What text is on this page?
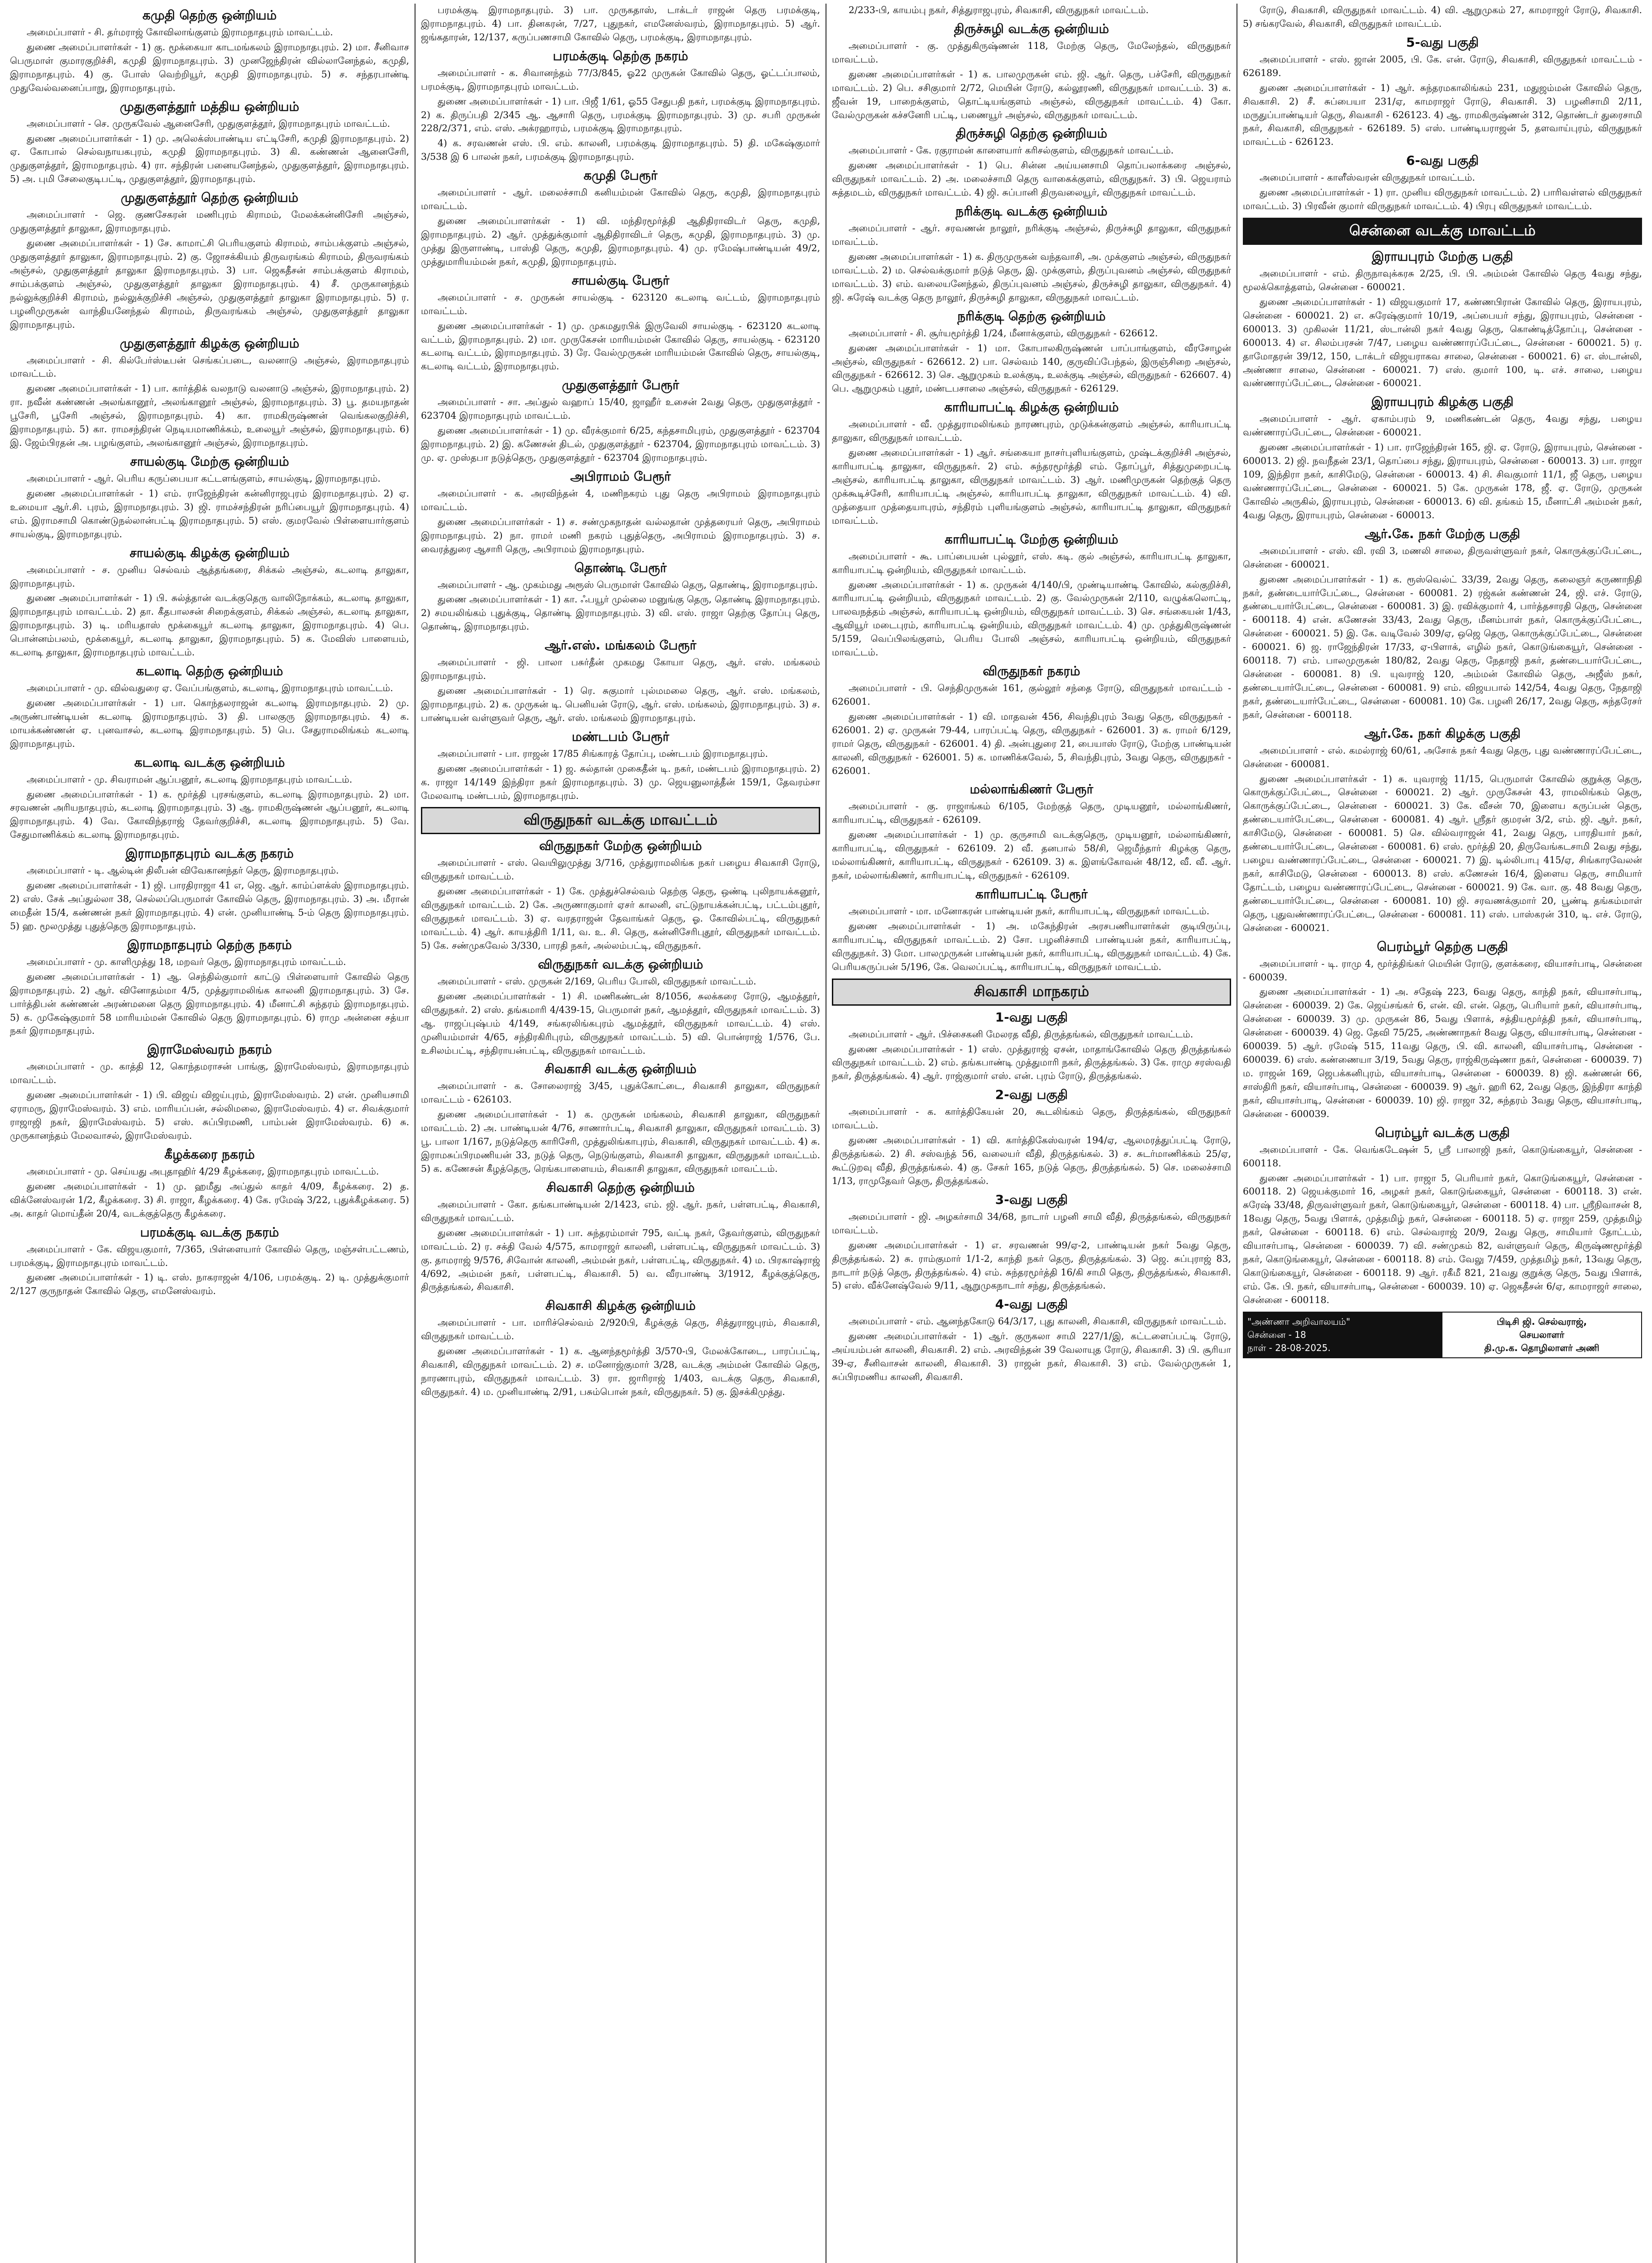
கமுதி தெற்கு ஒன்றியம்

அமைப்பாளர் - சி. தர்மராஜ் கோவிலாங்குளம் இராமநாதபுரம் மாவட்டம்.

துணை அமைப்பாளர்கள் - 1) கு. மூக்கையா காடமங்கலம் இராமநாதபுரம். 2) மா. சீனிவாச பெருமாள் குமாரகுறிச்சி, கமுதி இராமநாதபுரம். 3) முனஜேந்திரன் வில்லானேந்தல், கமுதி, இராமநாதபுரம். 4) கு. போஸ் வெற்றியூர், கமுதி இராமநாதபுரம். 5) ச. சந்தரபாண்டி முதுவேல்வனைப்பாறு, இராமநாதபுரம்.

முதுகுளத்தூர் மத்திய ஒன்றியம்

அமைப்பாளர் - செ. முருகவேல் ஆனைசேரி, முதுகுளத்தூர், இராமநாதபுரம் மாவட்டம்.

துணை அமைப்பாளர்கள் - 1) மு. அலெக்ஸ்பாண்டிய எட்டிசேரி, கமுதி இராமநாதபுரம். 2) ஏ. கோபால் செல்வநாயகபுரம், கமுதி இராமநாதபுரம். 3) கி. கண்ணன் ஆனைசேரி, முதுகுளத்தூர், இராமநாதபுரம். 4) ரா. சந்திரன் பனையனேந்தல், முதுகுளத்தூர், இராமநாதபுரம். 5) அ. புமி சேலைகுடிபட்டி, முதுகுளத்தூர், இராமநாதபுரம்.

முதுகுளத்தூர் தெற்கு ஒன்றியம்

அமைப்பாளர் - ஜெ. குணசேகரன் மணிபுரம் கிராமம், மேலக்கன்னிசேரி அஞ்சல், முதுகுளத்தூர் தாலுகா, இராமநாதபுரம்.

துணை அமைப்பாளர்கள் - 1) சே. காமாட்சி பெரியகுளம் கிராமம், சாம்பக்குளம் அஞ்சல், முதுகுளத்தூர் தாலுகா, இராமநாதபுரம். 2) கு. ஜோசக்கியம் திருவரங்கம் கிராமம், திருவரங்கம் அஞ்சல், முதுகுளத்தூர் தாலுகா இராமநாதபுரம். 3) பா. ஜெகதீசன் சாம்பக்குளம் கிராமம், சாம்பக்குளம் அஞ்சல், முதுகுளத்தூர் தாலுகா இராமநாதபுரம். 4) சீ. முருகானந்தம் நல்லுக்குறிச்சி கிராமம், நல்லுக்குறிச்சி அஞ்சல், முதுகுளத்தூர் தாலுகா இராமநாதபுரம். 5) ர. பழனிமுருகன் வாந்தியனேந்தல் கிராமம், திருவரங்கம் அஞ்சல், முதுகுளத்தூர் தாலுகா இராமநாதபுரம்.

முதுகுளத்தூர் கிழக்கு ஒன்றியம்

அமைப்பாளர் - சி. கில்பேர்ஸ்டீபன் செங்கப்படை, வலனாடு அஞ்சல், இராமநாதபுரம் மாவட்டம்.

துணை அமைப்பாளர்கள் - 1) பா. கார்த்திக் வலநாடு வலனாடு அஞ்சல், இராமநாதபுரம். 2) ரா. நவீன் கண்ணன் அலங்கானூர், அலங்கானூர் அஞ்சல், இராமநாதபுரம். 3) பூ. தமயநாதன் பூசேரி, பூசேரி அஞ்சல், இராமநாதபுரம். 4) கா. ராமகிருஷ்ணன் வெங்கலகுறிச்சி, இராமநாதபுரம். 5) கா. ராமசந்திரன் நெடியமாணிக்கம், உலையூர் அஞ்சல், இராமநாதபுரம். 6) இ. ஜேம்பிரதன் அ. பழங்குளம், அலங்கானூர் அஞ்சல், இராமநாதபுரம்.

சாயல்குடி மேற்கு ஒன்றியம்

அமைப்பாளர் - ஆர். பெரிய கருப்பையா கட்டளங்குளம், சாயல்குடி, இராமநாதபுரம்.

துணை அமைப்பாளர்கள் - 1) எம். ராஜேந்திரன் கன்னிராஜபுரம் இராமநாதபுரம். 2) ஏ. உமையா ஆர்.சி. புரம், இராமநாதபுரம். 3) ஜி. ராமச்சந்திரன் நரிப்பையூர் இராமநாதபுரம். 4) எம். இராமசாமி கொண்டுநல்லான்பட்டி இராமநாதபுரம். 5) எஸ். குமரவேல் பிள்ளையார்குளம் சாயல்குடி, இராமநாதபுரம்.

சாயல்குடி கிழக்கு ஒன்றியம்

அமைப்பாளர் - ச. முனிய செல்வம் ஆத்தங்கரை, சிக்கல் அஞ்சல், கடலாடி தாலுகா, இராமநாதபுரம்.

துணை அமைப்பாளர்கள் - 1) பி. சுல்த்தான் வடக்குதெரு வாலிநோக்கம், கடலாடி தாலுகா, இராமநாதபுரம் மாவட்டம். 2) தா. கீதபாலசன் சிறைக்குளம், சிக்கல் அஞ்சல், கடலாடி தாலுகா, இராமநாதபுரம். 3) டி. மரியதாஸ் மூக்கையூர் கடலாடி தாலுகா, இராமநாதபுரம். 4) பெ. பொன்னம்பலம், மூக்கையூர், கடலாடி தாலுகா, இராமநாதபுரம். 5) க. மேவிஸ் பாளையம், கடலாடி தாலுகா, இராமநாதபுரம் மாவட்டம்.

கடலாடி தெற்கு ஒன்றியம்

அமைப்பாளர் - மு. வில்வதுரை ஏ. வேப்பங்குளம், கடலாடி, இராமநாதபுரம் மாவட்டம்.

துணை அமைப்பாளர்கள் - 1) பா. கொந்தலராஜன் கடலாடி இராமநாதபுரம். 2) மு. அருண்பாண்டியன் கடலாடி இராமநாதபுரம். 3) தி. பாலகுரு இராமநாதபுரம். 4) க. மாயக்கண்ணன் ஏ. புனவாசல், கடலாடி இராமநாதபுரம். 5) பெ. சேதுராமலிங்கம் கடலாடி இராமநாதபுரம்.

கடலாடி வடக்கு ஒன்றியம்

அமைப்பாளர் - மு. சிவராமன் ஆப்பனூர், கடலாடி இராமநாதபுரம் மாவட்டம்.

துணை அமைப்பாளர்கள் - 1) க. மூர்த்தி புரசங்குளம், கடலாடி இராமநாதபுரம். 2) மா. சரவணன் அரியநாதபுரம், கடலாடி இராமநாதபுரம். 3) ஆ. ராமகிருஷ்ணன் ஆப்பனூர், கடலாடி இராமநாதபுரம். 4) வே. கோவிந்தராஜ் தேவர்குறிச்சி, கடலாடி இராமநாதபுரம். 5) வே. சேதுமாணிக்கம் கடலாடி இராமநாதபுரம்.

இராமநாதபுரம் வடக்கு நகரம்

அமைப்பாளர் - டி. ஆல்டின் திலீபன் விவேகானந்தர் தெரு, இராமநாதபுரம்.

துணை அமைப்பாளர்கள் - 1) ஜி. பாரதிராஜா 41 எ, ஜெ. ஆர். காம்ப்ளக்ஸ் இராமநாதபுரம். 2) எஸ். சேக் அப்துல்லா 38, செல்லப்பெருமாள் கோவில் தெரு, இராமநாதபுரம். 3) அ. மீரான் மைதீன் 15/4, கண்ணன் நகர் இராமநாதபுரம். 4) என். முனியாண்டி 5-ம் தெரு இராமநாதபுரம். 5) ஹ. மூலமுத்து புதுத்தெரு இராமநாதபுரம்.

இராமநாதபுரம் தெற்கு நகரம்

அமைப்பாளர் - மு. காளிமுத்து 18, மறவர் தெரு, இராமநாதபுரம் மாவட்டம்.

துணை அமைப்பாளர்கள் - 1) ஆ. செந்தில்குமார் காட்டு பிள்ளையார் கோவில் தெரு இராமநாதபுரம். 2) ஆர். வினோதம்மா 4/5, முத்துராமலிங்க காலனி இராமநாதபுரம். 3) சே. பார்த்திபன் கண்ணன் அரண்மனை தெரு இராமநாதபுரம். 4) மீனாட்சி சுந்தரம் இராமநாதபுரம். 5) க. முகேஷ்குமார் 58 மாரியம்மன் கோவில் தெரு இராமநாதபுரம். 6) ராமு அன்னை சத்யா நகர் இராமநாதபுரம்.

இராமேஸ்வரம் நகரம்

அமைப்பாளர் - மு. காத்தி 12, கொந்தமராசன் பாங்கு, இராமேஸ்வரம், இராமநாதபுரம் மாவட்டம்.

துணை அமைப்பாளர்கள் - 1) பி. விஜய் விஜய்புரம், இராமேஸ்வரம். 2) என். முனியசாமி ஏராமரு, இராமேஸ்வரம். 3) எம். மாரியப்பன், சல்லிமலை, இராமேஸ்வரம். 4) எ. சிவக்குமார் ராஜாஜி நகர், இராமேஸ்வரம். 5) எஸ். சுப்பிரமணி, பாம்பன் இராமேஸ்வரம். 6) சு. முருகானந்தம் மேலவாசல், இராமேஸ்வரம்.

கீழக்கரை நகரம்

அமைப்பாளர் - மு. செய்யது அபுதாஹிர் 4/29 கீழக்கரை, இராமநாதபுரம் மாவட்டம்.

துணை அமைப்பாளர்கள் - 1) மு. ஹமீது அப்துல் காதர் 4/09, கீழக்கரை. 2) த. விக்னேஸ்வரன் 1/2, கீழக்கரை. 3) சி. ராஜா, கீழக்கரை. 4) கே. ரமேஷ் 3/22, புதுக்கீழக்கரை. 5) அ. காதர் மொய்தீன் 20/4, வடக்குத்தெரு கீழக்கரை.

பரமக்குடி வடக்கு நகரம்

அமைப்பாளர் - கே. விஜயகுமார், 7/365, பிள்ளையார் கோவில் தெரு, மஞ்சள்பட்டணம், பரமக்குடி, இராமநாதபுரம் மாவட்டம்.

துணை அமைப்பாளர்கள் - 1) டி. எஸ். நாகராஜன் 4/106, பரமக்குடி. 2) டி. முத்துக்குமார் 2/127 குருநாதன் கோவில் தெரு, எமனேஸ்வரம்.

பரமக்குடி இராமநாதபுரம். 3) பா. முருகதாஸ், டாக்டர் ராஜன் தெரு பரமக்குடி, இராமநாதபுரம். 4) பா. தினகரன், 7/27, புதுநகர், எமனேஸ்வரம், இராமநாதபுரம். 5) ஆர். ஜங்கதாரன், 12/137, கருப்பணசாமி கோவில் தெரு, பரமக்குடி, இராமநாதபுரம்.

பரமக்குடி தெற்கு நகரம்

அமைப்பாளர் - க. சிவானந்தம் 77/3/845, ஓ22 முருகன் கோவில் தெரு, ஓட்டப்பாலம், பரமக்குடி, இராமநாதபுரம் மாவட்டம்.

துணை அமைப்பாளர்கள் - 1) பா. பிஜீ 1/61, ஓ55 சேதுபதி நகர், பரமக்குடி இராமநாதபுரம். 2) க. திருப்பதி 2/345 ஆ. ஆசாரி தெரு, பரமக்குடி இராமநாதபுரம். 3) மு. சபரி முருகன் 228/2/371, எம். எஸ். அக்ரஹாரம், பரமக்குடி இராமநாதபுரம்.

4) க. சரவணன் எஸ். பி. எம். காலனி, பரமக்குடி இராமநாதபுரம். 5) தி. மகேஷ்குமார் 3/538 இ 6 பாலன் நகர், பரமக்குடி இராமநாதபுரம்.

கமுதி பேரூர்

அமைப்பாளர் - ஆர். மலைச்சாமி கனியம்மன் கோவில் தெரு, கமுதி, இராமநாதபுரம் மாவட்டம்.

துணை அமைப்பாளர்கள் - 1) வி. மந்திரமூர்த்தி ஆதிதிராவிடர் தெரு, கமுதி, இராமநாதபுரம். 2) ஆர். முத்துக்குமார் ஆதிதிராவிடர் தெரு, கமுதி, இராமநாதபுரம். 3) மு. முத்து இருளாண்டி, பாஸ்தி தெரு, கமுதி, இராமநாதபுரம். 4) மு. ரமேஷ்பாண்டியன் 49/2, முத்துமாரியம்மன் நகர், கமுதி, இராமநாதபுரம்.

சாயல்குடி பேரூர்

அமைப்பாளர் - ச. முருகன் சாயல்குடி - 623120 கடலாடி வட்டம், இராமநாதபுரம் மாவட்டம்.

துணை அமைப்பாளர்கள் - 1) மு. முகமதுரபிக் இருவேலி சாயல்குடி - 623120 கடலாடி வட்டம், இராமநாதபுரம். 2) மா. முருகேசன் மாரியம்மன் கோவில் தெரு, சாயல்குடி - 623120 கடலாடி வட்டம், இராமநாதபுரம். 3) ரே. வேல்முருகன் மாரியம்மன் கோவில் தெரு, சாயல்குடி, கடலாடி வட்டம், இராமநாதபுரம்.

முதுகுளத்தூர் பேரூர்

அமைப்பாளர் - சா. அப்துல் வஹாப் 15/40, ஜாஹீர் உசைன் 2வது தெரு, முதுகுளத்தூர் - 623704 இராமநாதபுரம் மாவட்டம்.

துணை அமைப்பாளர்கள் - 1) மு. வீரக்குமார் 6/25, கந்தசாமிபுரம், முதுகுளத்தூர் - 623704 இராமநாதபுரம். 2) இ. கணேசன் திடல், முதுகுளத்தூர் - 623704, இராமநாதபுரம் மாவட்டம். 3) மு. ஏ. முஸ்தபா நடுத்தெரு, முதுகுளத்தூர் - 623704 இராமநாதபுரம்.

அபிராமம் பேரூர்

அமைப்பாளர் - க. அரவிந்தன் 4, மணிநகரம் புது தெரு அபிராமம் இராமநாதபுரம் மாவட்டம்.

துணை அமைப்பாளர்கள் - 1) ச. சண்முகநாதன் வல்லதான் முத்தரையர் தெரு, அபிராமம் இராமநாதபுரம். 2) நா. ராமர் மணி நகரம் புதுத்தெரு, அபிராமம் இராமநாதபுரம். 3) ச. வைரத்துரை ஆசாரி தெரு, அபிராமம் இராமநாதபுரம்.

தொண்டி பேரூர்

அமைப்பாளர் - ஆ. முகம்மது அரூஸ் பெருமாள் கோவில் தெரு, தொண்டி, இராமநாதபுரம்.

துணை அமைப்பாளர்கள் - 1) கா. ஃபயூர் முல்லை மனுங்கு தெரு, தொண்டி இராமநாதபுரம். 2) சமயலிங்கம் புதுக்குடி, தொண்டி இராமநாதபுரம். 3) வி. எஸ். ராஜா தெற்கு தோப்பு தெரு, தொண்டி, இராமநாதபுரம்.

ஆர்.எஸ். மங்கலம் பேரூர்

அமைப்பாளர் - ஜி. பாலா பசுர்தீன் முகமது கோயா தெரு, ஆர். எஸ். மங்கலம் இராமநாதபுரம்.

துணை அமைப்பாளர்கள் - 1) ரெ. சுகுமார் புல்மமலை தெரு, ஆர். எஸ். மங்கலம், இராமநாதபுரம். 2) க. முருகன் டி. பெனியன் ரோடு, ஆர். எஸ். மங்கலம், இராமநாதபுரம். 3) ச. பாண்டியன் வள்ளுவர் தெரு, ஆர். எஸ். மங்கலம் இராமநாதபுரம்.

மண்டபம் பேரூர்

அமைப்பாளர் - பா. ராஜன் 17/85 சிங்காரத் தோப்பு, மண்டபம் இராமநாதபுரம்.

துணை அமைப்பாளர்கள் - 1) ஜ. சுல்தான் முகைதீன் டி. நகர், மண்டபம் இராமநாதபுரம். 2) க. ராஜா 14/149 இந்திரா நகர் இராமநாதபுரம். 3) மு. ஜெயனுலாத்தீன் 159/1, தேவரம்சா மேலவாடி மண்டபம், இராமநாதபுரம்.

விருதுநகர் வடக்கு மாவட்டம்
விருதுநகர் மேற்கு ஒன்றியம்

அமைப்பாளர் - எஸ். வெயிலுமுத்து 3/716, முத்துராமலிங்க நகர் பழைய சிவகாசி ரோடு, விருதுநகர் மாவட்டம்.

துணை அமைப்பாளர்கள் - 1) கே. முத்துச்செல்வம் தெற்கு தெரு, ஒண்டி புலிநாயக்கனூர், விருதுநகர் மாவட்டம். 2) கே. அருணாகுமார் ஏசர் காலனி, எட்டுநாயக்கன்பட்டி, பட்டம்புதூர், விருதுநகர் மாவட்டம். 3) ஏ. வரதராஜன் தேவாங்கர் தெரு, ஓ. கோவில்பட்டி, விருதுநகர் மாவட்டம். 4) ஆர். காயத்திரி 1/11, வ. உ. சி. தெரு, கன்னிசேரிபுதூர், விருதுநகர் மாவட்டம். 5) கே. சண்முகவேல் 3/330, பாரதி நகர், அல்லம்பட்டி, விருதுநகர்.

விருதுநகர் வடக்கு ஒன்றியம்

அமைப்பாளர் - எஸ். முருகன் 2/169, பெரிய போலி, விருதுநகர் மாவட்டம்.

துணை அமைப்பாளர்கள் - 1) சி. மணிகண்டன் 8/1056, சுலக்கரை ரோடு, ஆமத்தூர், விருதுநகர். 2) எஸ். தங்கமாரி 4/439-15, பெருமாள் நகர், ஆமத்தூர், விருதுநகர் மாவட்டம். 3) ஆ. ராஜப்புஷ்பம் 4/149, சங்கரலிங்கபுரம் ஆமத்தூர், விருதுநகர் மாவட்டம். 4) எஸ். முனியம்மாள் 4/65, சந்திரகிரிபுரம், விருதுநகர் மாவட்டம். 5) வி. பொன்ராஜ் 1/576, பே. உசிலம்பட்டி, சந்திராயன்பட்டி, விருதுநகர் மாவட்டம்.

சிவகாசி வடக்கு ஒன்றியம்

அமைப்பாளர் - க. சோலைராஜ் 3/45, புதுக்கோட்டை, சிவகாசி தாலுகா, விருதுநகர் மாவட்டம் - 626103.

துணை அமைப்பாளர்கள் - 1) க. முருகன் மங்கலம், சிவகாசி தாலுகா, விருதுநகர் மாவட்டம். 2) அ. பாண்டியன் 4/76, சாணார்பட்டி, சிவகாசி தாலுகா, விருதுநகர் மாவட்டம். 3) பூ. பாலா 1/167, நடுத்தெரு காரிசேரி, முத்துலிங்காபுரம், சிவகாசி, விருதுநகர் மாவட்டம். 4) சு. இராமசுப்பிரமணியன் 33, நடுத் தெரு, நெடுங்குளம், சிவகாசி தாலுகா, விருதுநகர் மாவட்டம். 5) க. கணேசன் கீழத்தெரு, ரெங்கபாளையம், சிவகாசி தாலுகா, விருதுநகர் மாவட்டம்.

சிவகாசி தெற்கு ஒன்றியம்

அமைப்பாளர் - கோ. தங்கபாண்டியன் 2/1423, எம். ஜி. ஆர். நகர், பள்ளபட்டி, சிவகாசி, விருதுநகர் மாவட்டம்.

துணை அமைப்பாளர்கள் - 1) பா. சுந்தரம்மாள் 795, வட்டி நகர், தேவர்குளம், விருதுநகர் மாவட்டம். 2) ர. சக்தி வேல் 4/575, காமராஜர் காலனி, பள்ளபட்டி, விருதுநகர் மாவட்டம். 3) கு. தாமராஜ் 9/576, சிவோன் காலனி, அம்மன் நகர், பள்ளபட்டி, விருதுநகர். 4) ம. பிரகாஷ்ராஜ் 4/692, அம்மன் நகர், பள்ளபட்டி, சிவகாசி. 5) வ. வீரபாண்டி 3/1912, கீழக்குத்தெரு, திருத்தங்கல், சிவகாசி.

சிவகாசி கிழக்கு ஒன்றியம்

அமைப்பாளர் - பா. மாரிச்செல்வம் 2/920பி, கீழக்குத் தெரு, சித்துராஜபுரம், சிவகாசி, விருதுநகர் மாவட்டம்.

துணை அமைப்பாளர்கள் - 1) க. ஆனந்தமூர்த்தி 3/570-பி, மேலக்கோடை, பாரப்பட்டி, சிவகாசி, விருதுநகர் மாவட்டம். 2) ச. மனோஜ்குமார் 3/28, வடக்கு அம்மன் கோவில் தெரு, நாரணாபுரம், விருதுநகர் மாவட்டம். 3) ரா. ஜாரிராஜ் 1/403, வடக்கு தெரு, சிவகாசி, விருதுநகர். 4) ம. முனியாண்டி 2/91, பசும்பொன் நகர், விருதுநகர். 5) கு. இசக்கிமுத்து.

2/233-பி, காயம்பு நகர், சித்துராஜபுரம், சிவகாசி, விருதுநகர் மாவட்டம்.

திருச்சுழி வடக்கு ஒன்றியம்

அமைப்பாளர் - கு. முத்துகிருஷ்ணன் 118, மேற்கு தெரு, மேலேந்தல், விருதுநகர் மாவட்டம்.

துணை அமைப்பாளர்கள் - 1) க. பாலமுருகன் எம். ஜி. ஆர். தெரு, பச்சேரி, விருதுநகர் மாவட்டம். 2) பெ. சசிகுமார் 2/72, மெயின் ரோடு, கல்லூரணி, விருதுநகர் மாவட்டம். 3) க. ஜீவன் 19, பாறைக்குளம், தொட்டியங்குளம் அஞ்சல், விருதுநகர் மாவட்டம். 4) கோ. வேல்முருகன் கச்சனேரி பட்டி, பணையூர் அஞ்சல், விருதுநகர் மாவட்டம்.

திருச்சுழி தெற்கு ஒன்றியம்

அமைப்பாளர் - கே. ரகுராமன் காளையார் கரிசல்குளம், விருதுநகர் மாவட்டம்.

துணை அமைப்பாளர்கள் - 1) பெ. சின்ன அய்யனசாமி தொப்பலாக்கரை அஞ்சல், விருதுநகர் மாவட்டம். 2) அ. மலைச்சாமி தெரு வாகைக்குளம், விருதுநகர். 3) பி. ஜெயராம் சுத்தமடம், விருதுநகர் மாவட்டம். 4) ஜி. சுப்பானி திருவலையூர், விருதுநகர் மாவட்டம்.

நரிக்குடி வடக்கு ஒன்றியம்

அமைப்பாளர் - ஆர். சரவணன் நாலூர், நரிக்குடி அஞ்சல், திருச்சுழி தாலுகா, விருதுநகர் மாவட்டம்.

துணை அமைப்பாளர்கள் - 1) க. திருமுருகன் வந்தவாசி, அ. முக்குளம் அஞ்சல், விருதுநகர் மாவட்டம். 2) ம. செல்வக்குமார் நடுத் தெரு, இ. முக்குளம், திருப்புவனம் அஞ்சல், விருதுநகர் மாவட்டம். 3) எம். வலையனேந்தல், திருப்புவனம் அஞ்சல், திருச்சுழி தாலுகா, விருதுநகர். 4) ஜி. சுரேஷ் வடக்கு தெரு நாலூர், திருச்சுழி தாலுகா, விருதுநகர் மாவட்டம்.

நரிக்குடி தெற்கு ஒன்றியம்

அமைப்பாளர் - சி. சூர்யமூர்த்தி 1/24, மீனாக்குளம், விருதுநகர் - 626612.

துணை அமைப்பாளர்கள் - 1) மா. கோபாலகிருஷ்ணன் பாப்பாங்குளம், வீரசோழன் அஞ்சல், விருதுநகர் - 626612. 2) பா. செல்வம் 140, குருவிப்பேந்தல், இருஞ்சிறை அஞ்சல், விருதுநகர் - 626612. 3) செ. ஆறுமுகம் உலக்குடி, உலக்குடி அஞ்சல், விருதுநகர் - 626607. 4) பெ. ஆறுமுகம் புதூர், மண்டபசாலை அஞ்சல், விருதுநகர் - 626129.

காரியாபட்டி கிழக்கு ஒன்றியம்

அமைப்பாளர் - வீ. முத்துராமலிங்கம் நாரணபுரம், முடுக்கன்குளம் அஞ்சல், காரியாபட்டி தாலுகா, விருதுநகர் மாவட்டம்.

துணை அமைப்பாளர்கள் - 1) ஆர். சங்கையா நாசர்புளியங்குளம், முஷ்டக்குறிச்சி அஞ்சல், காரியாபட்டி தாலுகா, விருதுநகர். 2) எம். சுந்தரமூர்த்தி எம். தோப்பூர், சித்துமுறைபட்டி அஞ்சல், காரியாபட்டி தாலுகா, விருதுநகர் மாவட்டம். 3) ஆர். மணிமுருகன் தெற்குத் தெரு முக்கூடிச்சேரி, காரியாபட்டி அஞ்சல், காரியாபட்டி தாலுகா, விருதுநகர் மாவட்டம். 4) வி. முத்தையா முத்தையாபுரம், சந்திரம் புளியங்குளம் அஞ்சல், காரியாபட்டி தாலுகா, விருதுநகர் மாவட்டம்.

காரியாபட்டி மேற்கு ஒன்றியம்

அமைப்பாளர் - கூ. பாப்பையன் புல்லூர், எஸ். கடி. குல் அஞ்சல், காரியாபட்டி தாலுகா, காரியாபட்டி ஒன்றியம், விருதுநகர் மாவட்டம்.

துணை அமைப்பாளர்கள் - 1) க. முருகன் 4/140/பி, முண்டியாண்டி கோவில், கல்குறிச்சி, காரியாபட்டி ஒன்றியம், விருதுநகர் மாவட்டம். 2) கு. வேல்முருகன் 2/110, வழுக்கலொட்டி, பாலவநத்தம் அஞ்சல், காரியாபட்டி ஒன்றியம், விருதுநகர் மாவட்டம். 3) செ. சங்கையன் 1/43, ஆவியூர் மடைபுரம், காரியாபட்டி ஒன்றியம், விருதுநகர் மாவட்டம். 4) மு. முத்துகிருஷ்ணன் 5/159, வெப்பிலங்குளம், பெரிய போலி அஞ்சல், காரியாபட்டி ஒன்றியம், விருதுநகர் மாவட்டம்.

விருதுநகர் நகரம்

அமைப்பாளர் - பி. செந்திமுருகன் 161, குல்லூர் சந்தை ரோடு, விருதுநகர் மாவட்டம் - 626001.

துணை அமைப்பாளர்கள் - 1) வி. மாதவன் 456, சிவந்திபுரம் 3வது தெரு, விருதுநகர் - 626001. 2) ஏ. முருகன் 79-44, பாரப்பட்டி தெரு, விருதுநகர் - 626001. 3) க. ராமர் 6/129, ராமர் தெரு, விருதுநகர் - 626001. 4) தி. அன்புதுரை 21, பையாஸ் ரோடு, மேற்கு பாண்டியன் காலனி, விருதுநகர் - 626001. 5) க. மாணிக்கவேல், 5, சிவந்திபுரம், 3வது தெரு, விருதுநகர் - 626001.

மல்லாங்கிணர் பேரூர்

அமைப்பாளர் - கு. ராஜாங்கம் 6/105, மேற்குத் தெரு, முடியனூர், மல்லாங்கிணர், காரியாபட்டி, விருதுநகர் - 626109.

துணை அமைப்பாளர்கள் - 1) மு. குருசாமி வடக்குதெரு, முடியனூர், மல்லாங்கிணர், காரியாபட்டி, விருதுநகர் - 626109. 2) வீ. தனபால் 58/சி, ஜெமீந்தார் கிழக்கு தெரு, மல்லாங்கிணர், காரியாபட்டி, விருதுநகர் - 626109. 3) க. இளங்கோவன் 48/12, வீ. வீ. ஆர். நகர், மல்லாங்கிணர், காரியாபட்டி, விருதுநகர் - 626109.

காரியாபட்டி பேரூர்

அமைப்பாளர் - மா. மனோகரன் பாண்டியன் நகர், காரியாபட்டி, விருதுநகர் மாவட்டம்.

துணை அமைப்பாளர்கள் - 1) அ. மகேந்திரன் அரசபணியாளர்கள் குடியிருப்பு, காரியாபட்டி, விருதுநகர் மாவட்டம். 2) சோ. பழனிச்சாமி பாண்டியன் நகர், காரியாபட்டி, விருதுநகர். 3) மோ. பாலமுருகன் பாண்டியன் நகர், காரியாபட்டி, விருதுநகர் மாவட்டம். 4) கே. பெரியகருப்பன் 5/196, கே. வெலப்பட்டி, காரியாபட்டி, விருதுநகர் மாவட்டம்.

சிவகாசி மாநகரம்
1-வது பகுதி

அமைப்பாளர் - ஆர். பிச்சைகனி மேலரத வீதி, திருத்தங்கல், விருதுநகர் மாவட்டம்.

துணை அமைப்பாளர்கள் - 1) எஸ். முத்துராஜ் ஏசன், மாதாங்கோவில் தெரு திருத்தங்கல் விருதுநகர் மாவட்டம். 2) எம். தங்கபாண்டி முத்துமாரி நகர், திருத்தங்கல். 3) கே. ராமு சரஸ்வதி நகர், திருத்தங்கல். 4) ஆர். ராஜ்குமார் எஸ். என். புரம் ரோடு, திருத்தங்கல்.

2-வது பகுதி

அமைப்பாளர் - க. கார்த்திகேயன் 20, கூடலிங்கம் தெரு, திருத்தங்கல், விருதுநகர் மாவட்டம்.

துணை அமைப்பாளர்கள் - 1) வி. கார்த்திகேஸ்வரன் 194/ஏ, ஆலமரத்துப்பட்டி ரோடு, திருத்தங்கல். 2) சி. சஸ்வந்த் 56, வலையர் வீதி, திருத்தங்கல். 3) ச. சுடர்மாணிக்கம் 25/ஏ, கூட்டுறவு வீதி, திருத்தங்கல். 4) கு. சேகர் 165, நடுத் தெரு, திருத்தங்கல். 5) செ. மலைச்சாமி 1/13, ராமுதேவர் தெரு, திருத்தங்கல்.

3-வது பகுதி

அமைப்பாளர் - ஜி. அழகர்சாமி 34/68, நாடார் பழனி சாமி வீதி, திருத்தங்கல், விருதுநகர் மாவட்டம்.

துணை அமைப்பாளர்கள் - 1) எ. சரவணன் 99/ஏ-2, பாண்டியன் நகர் 5வது தெரு, திருத்தங்கல். 2) சு. ராம்குமார் 1/1-2, காந்தி நகர் தெரு, திருத்தங்கல். 3) ஜெ. சுப்புராஜ் 83, நாடார் நடுத் தெரு, திருத்தங்கல். 4) எம். சுந்தரமூர்த்தி 16/கி சாமி தெரு, திருத்தங்கல், சிவகாசி. 5) எஸ். வீக்னேஷ்வேல் 9/11, ஆறுமுகநாடார் சந்து, திருத்தங்கல்.

4-வது பகுதி

அமைப்பாளர் - எம். ஆனந்தகோடு 64/3/17, புது காலனி, சிவகாசி, விருதுநகர் மாவட்டம்.

துணை அமைப்பாளர்கள் - 1) ஆர். குருகலா சாமி 227/1/இ, கட்டளைப்பட்டி ரோடு, அய்யம்பன் காலனி, சிவகாசி. 2) எம். அரவிந்தன் 39 வேலாயுத ரோடு, சிவகாசி. 3) பி. சூரியா 39-ஏ, சீனிவாசன் காலனி, சிவகாசி. 3) ராஜன் நகர், சிவகாசி. 3) எம். வேல்முருகன் 1, சுப்பிரமணிய காலனி, சிவகாசி.

ரோடு, சிவகாசி, விருதுநகர் மாவட்டம். 4) வி. ஆறுமுகம் 27, காமராஜர் ரோடு, சிவகாசி. 5) சங்கரவேல், சிவகாசி, விருதுநகர் மாவட்டம்.

5-வது பகுதி

அமைப்பாளர் - எஸ். ஜான் 2005, பி. கே. என். ரோடு, சிவகாசி, விருதுநகர் மாவட்டம் - 626189.

துணை அமைப்பாளர்கள் - 1) ஆர். சுந்தரமகாலிங்கம் 231, மதுஜம்மன் கோவில் தெரு, சிவகாசி. 2) சீ. சுப்பையா 231/ஏ, காமராஜர் ரோடு, சிவகாசி. 3) பழனிசாமி 2/11, மருதுப்பாண்டியர் தெரு, சிவகாசி - 626123. 4) ஆ. ராமகிருஷ்ணன் 312, தொண்டர் துரைசாமி நகர், சிவகாசி, விருதுநகர் - 626189. 5) எஸ். பாண்டியராஜன் 5, தளவாய்புரம், விருதுநகர் மாவட்டம் - 626123.

6-வது பகுதி

அமைப்பாளர் - காளீஸ்வரன் விருதுநகர் மாவட்டம்.

துணை அமைப்பாளர்கள் - 1) ரா. முனிய விருதுநகர் மாவட்டம். 2) பாரிவள்ளல் விருதுநகர் மாவட்டம். 3) பிரவீன் குமார் விருதுநகர் மாவட்டம். 4) பிரபு விருதுநகர் மாவட்டம்.

சென்னை வடக்கு மாவட்டம்
இராயபுரம் மேற்கு பகுதி

அமைப்பாளர் - எம். திருநாவுக்கரசு 2/25, பி. பி. அம்மன் கோவில் தெரு 4வது சந்து, மூலக்கொத்தளம், சென்னை - 600021.

துணை அமைப்பாளர்கள் - 1) விஜயகுமார் 17, கண்ணபிரான் கோவில் தெரு, இராயபுரம், சென்னை - 600021. 2) எ. சுரேஷ்குமார் 10/19, அப்பையர் சந்து, இராயபுரம், சென்னை - 600013. 3) முகிலன் 11/21, ஸ்டான்லி நகர் 4வது தெரு, கொண்டித்தோப்பு, சென்னை - 600013. 4) எ. சிலம்பரசன் 7/47, பழைய வண்ணாரப்பேட்டை, சென்னை - 600021. 5) ர. தாமோதரன் 39/12, 150, டாக்டர் விஜயராகவ சாலை, சென்னை - 600021. 6) எ. ஸ்டான்லி, அண்ணா சாலை, சென்னை - 600021. 7) எஸ். குமார் 100, டி. எச். சாலை, பழைய வண்ணாரப்பேட்டை, சென்னை - 600021.

இராயபுரம் கிழக்கு பகுதி

அமைப்பாளர் - ஆர். ஏகாம்பரம் 9, மணிகண்டன் தெரு, 4வது சந்து, பழைய வண்ணாரப்பேட்டை, சென்னை - 600021.

துணை அமைப்பாளர்கள் - 1) பா. ராஜேந்திரன் 165, ஜி. ஏ. ரோடு, இராயபுரம், சென்னை - 600013. 2) ஜி. நவநீதன் 23/1, தொப்பை சந்து, இராயபுரம், சென்னை - 600013. 3) பா. ராஜா 109, இந்திரா நகர், காசிமேடு, சென்னை - 600013. 4) சி. சிவகுமார் 11/1, ஜீ தெரு, பழைய வண்ணாரப்பேட்டை, சென்னை - 600021. 5) கே. முருகன் 178, ஜீ. ஏ. ரோடு, முருகன் கோவில் அருகில், இராயபுரம், சென்னை - 600013. 6) வி. தங்கம் 15, மீனாட்சி அம்மன் நகர், 4வது தெரு, இராயபுரம், சென்னை - 600013.

ஆர்.கே. நகர் மேற்கு பகுதி

அமைப்பாளர் - எஸ். வி. ரவி 3, மணலி சாலை, திருவள்ளுவர் நகர், கொருக்குப்பேட்டை, சென்னை - 600021.

துணை அமைப்பாளர்கள் - 1) க. ரூஸ்வெல்ட் 33/39, 2வது தெரு, கலைஞர் கருணாநிதி நகர், தண்டையார்பேட்டை, சென்னை - 600081. 2) ரஜ்கன் கண்ணன் 24, ஜி. எச். ரோடு, தண்டையார்பேட்டை, சென்னை - 600081. 3) இ. ரவிக்குமார் 4, பார்த்தசாரதி தெரு, சென்னை - 600118. 4) என். கணேசன் 33/43, 2வது தெரு, மீனம்பாள் நகர், கொருக்குப்பேட்டை, சென்னை - 600021. 5) இ. கே. வடிவேல் 309/ஏ, ஒஜெ தெரு, கொருக்குப்பேட்டை, சென்னை - 600021. 6) ஜ. ராஜேந்திரன் 17/33, ஏ-பிளாக், எழில் நகர், கொடுங்கையூர், சென்னை - 600118. 7) எம். பாலமுருகன் 180/82, 2வது தெரு, நேதாஜி நகர், தண்டையார்பேட்டை, சென்னை - 600081. 8) பி. யுவராஜ் 120, அம்மன் கோவில் தெரு, அஜீஸ் நகர், தண்டையார்பேட்டை, சென்னை - 600081. 9) எம். விஜயபால் 142/54, 4வது தெரு, நேதாஜி நகர், தண்டையார்பேட்டை, சென்னை - 600081. 10) கே. பழனி 26/17, 2வது தெரு, சுந்தரேசர் நகர், சென்னை - 600118.

ஆர்.கே. நகர் கிழக்கு பகுதி

அமைப்பாளர் - எல். கமல்ராஜ் 60/61, அசோக் நகர் 4வது தெரு, புது வண்ணாரப்பேட்டை, சென்னை - 600081.

துணை அமைப்பாளர்கள் - 1) சு. யுவராஜ் 11/15, பெருமாள் கோவில் குறுக்கு தெரு, கொருக்குப்பேட்டை, சென்னை - 600021. 2) ஆர். முருகேசன் 43, ராமலிங்கம் தெரு, கொருக்குப்பேட்டை, சென்னை - 600021. 3) கே. வீசன் 70, இளைய கருப்பன் தெரு, தண்டையார்பேட்டை, சென்னை - 600081. 4) ஆர். ஸ்ரீதர் குமரன் 3/2, எம். ஜி. ஆர். நகர், காசிமேடு, சென்னை - 600081. 5) செ. வில்வராஜன் 41, 2வது தெரு, பாரதியார் நகர், தண்டையார்பேட்டை, சென்னை - 600081. 6) எஸ். மூர்த்தி 20, திருவேங்கடசாமி 2வது சந்து, பழைய வண்ணாரப்பேட்டை, சென்னை - 600021. 7) இ. டில்லிபாபு 415/ஏ, சிங்காரவேலன் நகர், காசிமேடு, சென்னை - 600013. 8) எஸ். கணேசன் 16/4, இளைய தெரு, சாமியார் தோட்டம், பழைய வண்ணாரப்பேட்டை, சென்னை - 600021. 9) கே. வா. கு. 48 8வது தெரு, தண்டையார்பேட்டை, சென்னை - 600081. 10) ஜி. சரவணக்குமார் 20, பூண்டி தங்கம்மாள் தெரு, புதுவண்ணாரப்பேட்டை, சென்னை - 600081. 11) எஸ். பாஸ்கரன் 310, டி. எச். ரோடு, சென்னை - 600021.

பெரம்பூர் தெற்கு பகுதி

அமைப்பாளர் - டி. ராமு 4, மூர்த்திங்கர் மெயின் ரோடு, குளக்கரை, வியாசர்பாடி, சென்னை - 600039.

துணை அமைப்பாளர்கள் - 1) அ. சதேஷ் 223, 6வது தெரு, காந்தி நகர், வியாசர்பாடி, சென்னை - 600039. 2) கே. ஜெய்சங்கர் 6, என். வி. என். தெரு, பெரியார் நகர், வியாசர்பாடி, சென்னை - 600039. 3) மு. முருகன் 86, 5வது பிளாக், சத்தியமூர்த்தி நகர், வியாசர்பாடி, சென்னை - 600039. 4) ஜெ. தேவி 75/25, அண்ணாநகர் 8வது தெரு, வியாசர்பாடி, சென்னை - 600039. 5) ஆர். ரமேஷ் 515, 11வது தெரு, பி. வி. காலனி, வியாசர்பாடி, சென்னை - 600039. 6) எஸ். கண்ணையா 3/19, 5வது தெரு, ராஜ்கிருஷ்ணா நகர், சென்னை - 600039. 7) ம. ராஜன் 169, ஜெபக்கனிபுரம், வியாசர்பாடி, சென்னை - 600039. 8) ஜி. கண்ணன் 66, சாஸ்திரி நகர், வியாசர்பாடி, சென்னை - 600039. 9) ஆர். ஹரி 62, 2வது தெரு, இந்திரா காந்தி நகர், வியாசர்பாடி, சென்னை - 600039. 10) ஜி. ராஜா 32, சுந்தரம் 3வது தெரு, வியாசர்பாடி, சென்னை - 600039.

பெரம்பூர் வடக்கு பகுதி

அமைப்பாளர் - கே. வெங்கடேஷன் 5, ஸ்ரீ பாலாஜி நகர், கொடுங்கையூர், சென்னை - 600118.

துணை அமைப்பாளர்கள் - 1) பா. ராஜா 5, பெரியார் நகர், கொடுங்கையூர், சென்னை - 600118. 2) ஜெயக்குமார் 16, அழகர் நகர், கொடுங்கையூர், சென்னை - 600118. 3) என். சுரேஷ் 33/48, திருவள்ளுவர் நகர், கொடுங்கையூர், சென்னை - 600118. 4) பா. ஸ்ரீநிவாசன் 8, 18வது தெரு, 5வது பிளாக், முத்தமிழ் நகர், சென்னை - 600118. 5) ஏ. ராஜா 259, முத்தமிழ் நகர், சென்னை - 600118. 6) எம். செல்வராஜ் 20/9, 2வது தெரு, சாமியார் தோட்டம், வியாசர்பாடி, சென்னை - 600039. 7) வி. சண்முகம் 82, வள்ளுவர் தெரு, கிருஷ்ணமூர்த்தி நகர், கொடுங்கையூர், சென்னை - 600118. 8) எம். வேலு 7/459, முத்தமிழ் நகர், 13வது தெரு, கொடுங்கையூர், சென்னை - 600118. 9) ஆர். ரகீமீ 821, 21வது குறுக்கு தெரு, 5வது பிளாக், எம். கே. பி. நகர், வியாசர்பாடி, சென்னை - 600039. 10) ஏ. ஜெகதீசன் 6/ஏ, காமராஜர் சாலை, சென்னை - 600118.

"அண்ணா அறிவாலயம்"
சென்னை - 18
நாள் - 28-08-2025.
பிடிசி ஜி. செல்வராஜ்,
செயலாளர்
தி.மு.க. தொழிலாளர் அணி
